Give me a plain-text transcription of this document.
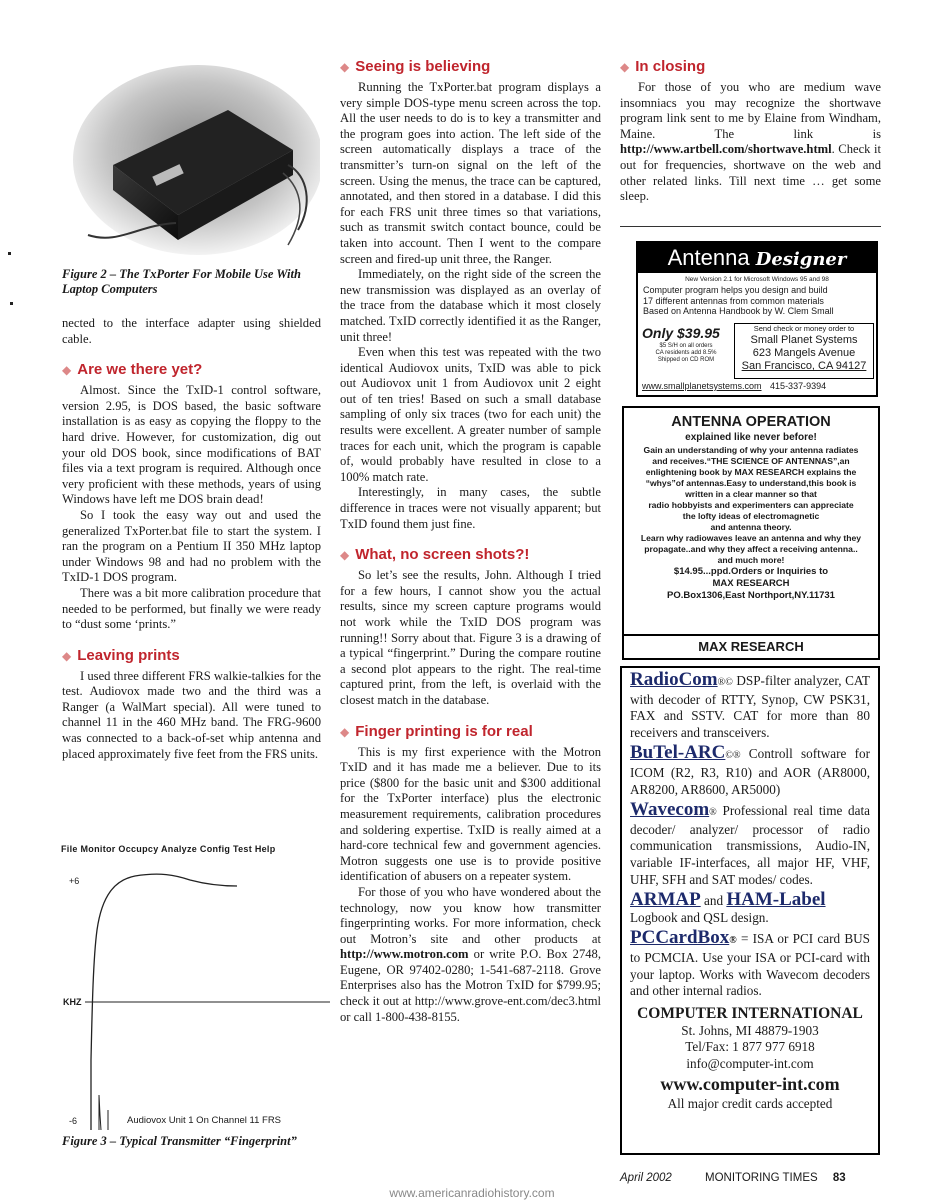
Figure 2 – The TxPorter For Mobile Use With Laptop Computers

nected to the interface adapter using shielded cable.

◆ Are we there yet?

Almost. Since the TxID-1 control software, version 2.95, is DOS based, the basic software installation is as easy as copying the floppy to the hard drive. However, for customization, dig out your old DOS book, since modifications of BAT files via a text program is required. Although once very proficient with these methods, years of using Windows have left me DOS brain dead!

So I took the easy way out and used the generalized TxPorter.bat file to start the system. I ran the program on a Pentium II 350 MHz laptop under Windows 98 and had no problem with the TxID-1 DOS program.

There was a bit more calibration procedure that needed to be performed, but finally we were ready to “dust some ‘prints.”

◆ Leaving prints

I used three different FRS walkie-talkies for the test. Audiovox made two and the third was a Ranger (a WalMart special). All were tuned to channel 11 in the 460 MHz band. The FRG-9600 was connected to a back-of-set whip antenna and placed approximately five feet from the FRS units.

File Monitor Occupcy Analyze Config Test Help
+6
KHZ
-6	Audiovox Unit 1 On Channel 11 FRS
Figure 3 – Typical Transmitter “Fingerprint”
◆ Seeing is believing

Running the TxPorter.bat program displays a very simple DOS-type menu screen across the top. All the user needs to do is to key a transmitter and the program goes into action. The left side of the screen automatically displays a trace of the transmitter’s turn-on signal on the left of the screen. Using the menus, the trace can be captured, annotated, and then stored in a database. I did this for each FRS unit three times so that variations, such as transmit switch contact bounce, could be taken into account. Then I went to the compare screen and fired-up unit three, the Ranger.

Immediately, on the right side of the screen the new transmission was displayed as an overlay of the trace from the database which it most closely matched. TxID correctly identified it as the Ranger, unit three!

Even when this test was repeated with the two identical Audiovox units, TxID was able to pick out Audiovox unit 1 from Audiovox unit 2 eight out of ten tries! Based on such a small database sampling of only six traces (two for each unit) the results were excellent. A greater number of sample traces for each unit, which the program is capable of, would probably have resulted in close to a 100% match rate.

Interestingly, in many cases, the subtle difference in traces were not visually apparent; but TxID found them just fine.

◆ What, no screen shots?!

So let’s see the results, John. Although I tried for a few hours, I cannot show you the actual results, since my screen capture programs would not work while the TxID DOS program was running!! Sorry about that. Figure 3 is a drawing of a typical “fingerprint.” During the compare routine a second plot appears to the right. The real-time captured print, from the left, is overlaid with the closest match in the database.

◆ Finger printing is for real

This is my first experience with the Motron TxID and it has made me a believer. Due to its price ($800 for the basic unit and $300 additional for the TxPorter interface) plus the electronic measurement requirements, calibration procedures and soldering expertise. TxID is really aimed at a hard-core technical few and government agencies. Motron suggests one use is to provide positive identification of abusers on a repeater system.

For those of you who have wondered about the technology, now you know how transmitter fingerprinting works. For more information, check out Motron’s site and other products at http://www.motron.com or write P.O. Box 2748, Eugene, OR 97402-0280; 1-541-687-2118. Grove Enterprises also has the Motron TxID for $799.95; check it out at http://www.grove-ent.com/dec3.html or call 1-800-438-8155.

◆ In closing

For those of you who are medium wave insomniacs you may recognize the shortwave program link sent to me by Elaine from Windham, Maine. The link is http://www.artbell.com/shortwave.html. Check it out for frequencies, shortwave on the web and other related links. Till next time … get some sleep.

Antenna Designer
New Version 2.1 for Microsoft Windows 95 and 98
Computer program helps you design and build
17 different antennas from common materials
Based on Antenna Handbook by W. Clem Small
Only $39.95
$5 S/H on all orders
CA residents add 8.5%
Shipped on CD ROM
Send check or money order to
Small Planet Systems
623 Mangels Avenue
San Francisco, CA 94127
www.smallplanetsystems.com 415-337-9394
ANTENNA OPERATION
explained like never before!
Gain an understanding of why your antenna radiates
and receives.“THE SCIENCE OF ANTENNAS”,an
enlightening book by MAX RESEARCH explains the
“whys”of antennas.Easy to understand,this book is
written in a clear manner so that
radio hobbyists and experimenters can appreciate
the lofty ideas of electromagnetic
and antenna theory.
Learn why radiowaves leave an antenna and why they
propagate..and why they affect a receiving antenna..
and much more!
$14.95...ppd.Orders or Inquiries to
MAX RESEARCH
PO.Box1306,East Northport,NY.11731
MAX RESEARCH

RadioCom®© DSP-filter analyzer, CAT with decoder of RTTY, Synop, CW PSK31, FAX and SSTV. CAT for more than 80 receivers and transceivers.

BuTel-ARC©® Controll software for ICOM (R2, R3, R10) and AOR (AR8000, AR8200, AR8600, AR5000)

Wavecom® Professional real time data decoder/ analyzer/ processor of radio communication transmissions, Audio-IN, variable IF-interfaces, all major HF, VHF, UHF, SFH and SAT modes/ codes.

ARMAP and HAM-Label

Logbook and QSL design.

PCCardBox® = ISA or PCI card BUS to PCMCIA. Use your ISA or PCI-card with your laptop. Works with Wavecom decoders and other internal radios.

COMPUTER INTERNATIONAL
St. Johns, MI 48879-1903
Tel/Fax: 1 877 977 6918
info@computer-int.com
www.computer-int.com
All major credit cards accepted
April 2002	MONITORING TIMES 83
www.americanradiohistory.com
